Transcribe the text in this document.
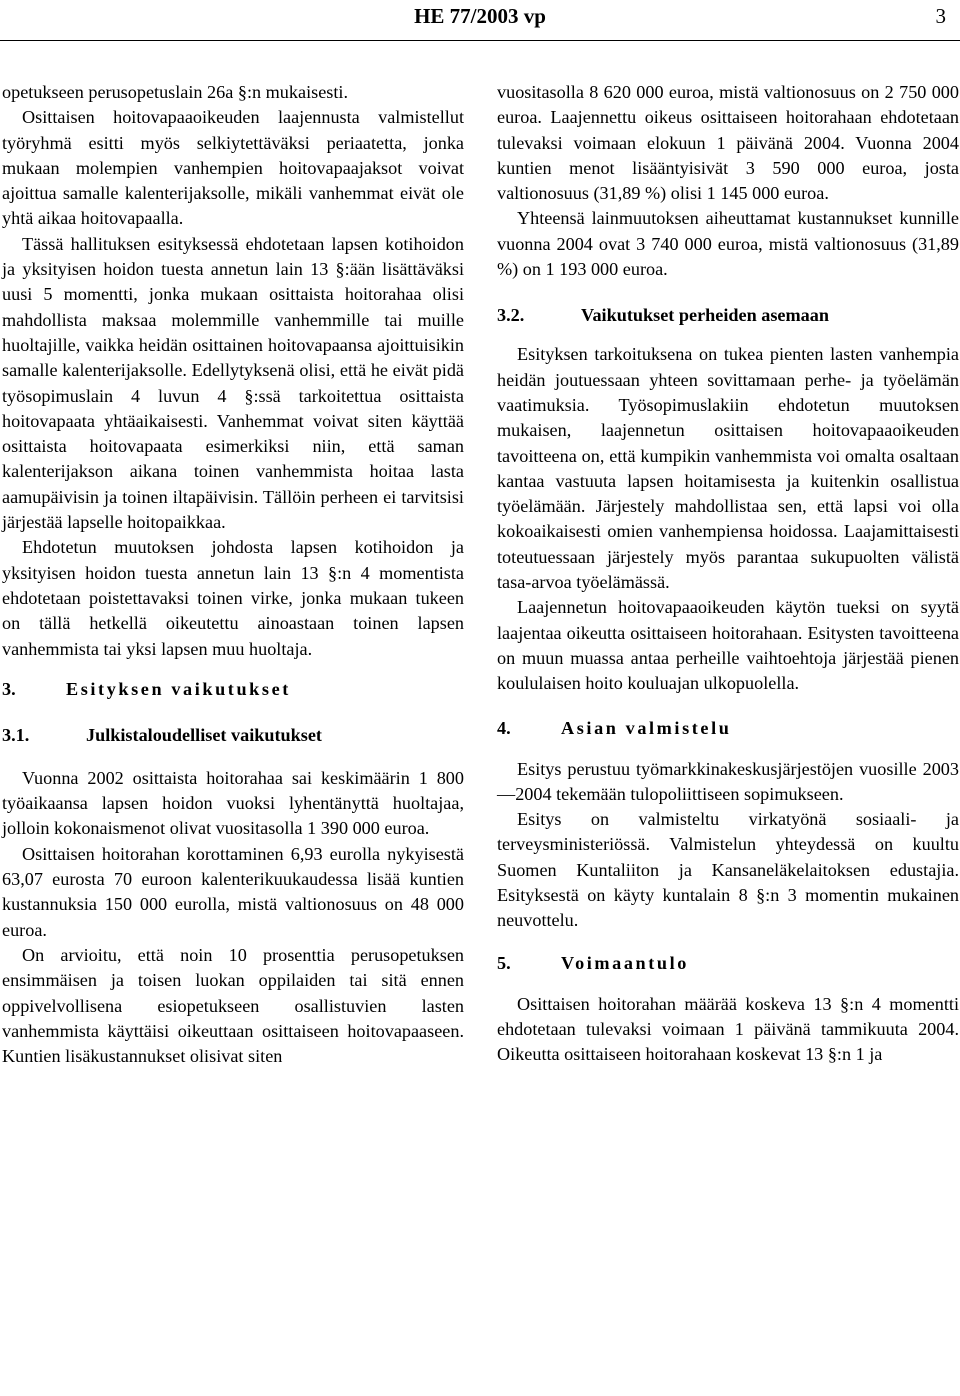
HE 77/2003 vp	3

opetukseen perusopetuslain 26a §:n mukaisesti.

Osittaisen hoitovapaaoikeuden laajennusta valmistellut työryhmä esitti myös selkiytettäväksi periaatetta, jonka mukaan molempien vanhempien hoitovapaajaksot voivat ajoittua samalle kalenterijaksolle, mikäli vanhemmat eivät ole yhtä aikaa hoitovapaalla.

Tässä hallituksen esityksessä ehdotetaan lapsen kotihoidon ja yksityisen hoidon tuesta annetun lain 13 §:ään lisättäväksi uusi 5 momentti, jonka mukaan osittaista hoitorahaa olisi mahdollista maksaa molemmille vanhemmille tai muille huoltajille, vaikka heidän osittainen hoitovapaansa ajoittuisikin samalle kalenterijaksolle. Edellytyksenä olisi, että he eivät pidä työsopimuslain 4 luvun 4 §:ssä tarkoitettua osittaista hoitovapaata yhtäaikaisesti. Vanhemmat voivat siten käyttää osittaista hoitovapaata esimerkiksi niin, että saman kalenterijakson aikana toinen vanhemmista hoitaa lasta aamupäivisin ja toinen iltapäivisin. Tällöin perheen ei tarvitsisi järjestää lapselle hoitopaikkaa.

Ehdotetun muutoksen johdosta lapsen kotihoidon ja yksityisen hoidon tuesta annetun lain 13 §:n 4 momentista ehdotetaan poistettavaksi toinen virke, jonka mukaan tukeen on tällä hetkellä oikeutettu ainoastaan toinen lapsen vanhemmista tai yksi lapsen muu huoltaja.

3.	Esityksen vaikutukset
3.1.	Julkistaloudelliset vaikutukset

Vuonna 2002 osittaista hoitorahaa sai keskimäärin 1 800 työaikaansa lapsen hoidon vuoksi lyhentänyttä huoltajaa, jolloin kokonaismenot olivat vuositasolla 1 390 000 euroa.

Osittaisen hoitorahan korottaminen 6,93 eurolla nykyisestä 63,07 eurosta 70 euroon kalenterikuukaudessa lisää kuntien kustannuksia 150 000 eurolla, mistä valtionosuus on 48 000 euroa.

On arvioitu, että noin 10 prosenttia perusopetuksen ensimmäisen ja toisen luokan oppilaiden tai sitä ennen oppivelvollisena esiopetukseen osallistuvien lasten vanhemmista käyttäisi oikeuttaan osittaiseen hoitovapaaseen. Kuntien lisäkustannukset olisivat siten

vuositasolla 8 620 000 euroa, mistä valtionosuus on 2 750 000 euroa. Laajennettu oikeus osittaiseen hoitorahaan ehdotetaan tulevaksi voimaan elokuun 1 päivänä 2004. Vuonna 2004 kuntien menot lisääntyisivät 3 590 000 euroa, josta valtionosuus (31,89 %) olisi 1 145 000 euroa.

Yhteensä lainmuutoksen aiheuttamat kustannukset kunnille vuonna 2004 ovat 3 740 000 euroa, mistä valtionosuus (31,89 %) on 1 193 000 euroa.

3.2.	Vaikutukset perheiden asemaan

Esityksen tarkoituksena on tukea pienten lasten vanhempia heidän joutuessaan yhteen sovittamaan perhe- ja työelämän vaatimuksia. Työsopimuslakiin ehdotetun muutoksen mukaisen, laajennetun osittaisen hoitovapaaoikeuden tavoitteena on, että kumpikin vanhemmista voi omalta osaltaan kantaa vastuuta lapsen hoitamisesta ja kuitenkin osallistua työelämään. Järjestely mahdollistaa sen, että lapsi voi olla kokoaikaisesti omien vanhempiensa hoidossa. Laajamittaisesti toteutuessaan järjestely myös parantaa sukupuolten välistä tasa-arvoa työelämässä.

Laajennetun hoitovapaaoikeuden käytön tueksi on syytä laajentaa oikeutta osittaiseen hoitorahaan. Esitysten tavoitteena on muun muassa antaa perheille vaihtoehtoja järjestää pienen koululaisen hoito kouluajan ulkopuolella.

4.	Asian valmistelu

Esitys perustuu työmarkkinakeskusjärjestöjen vuosille 2003—2004 tekemään tulopoliittiseen sopimukseen.

Esitys on valmisteltu virkatyönä sosiaali- ja terveysministeriössä. Valmistelun yhteydessä on kuultu Suomen Kuntaliiton ja Kansaneläkelaitoksen edustajia. Esityksestä on käyty kuntalain 8 §:n 3 momentin mukainen neuvottelu.

5.	Voimaantulo

Osittaisen hoitorahan määrää koskeva 13 §:n 4 momentti ehdotetaan tulevaksi voimaan 1 päivänä tammikuuta 2004. Oikeutta osittaiseen hoitorahaan koskevat 13 §:n 1 ja
